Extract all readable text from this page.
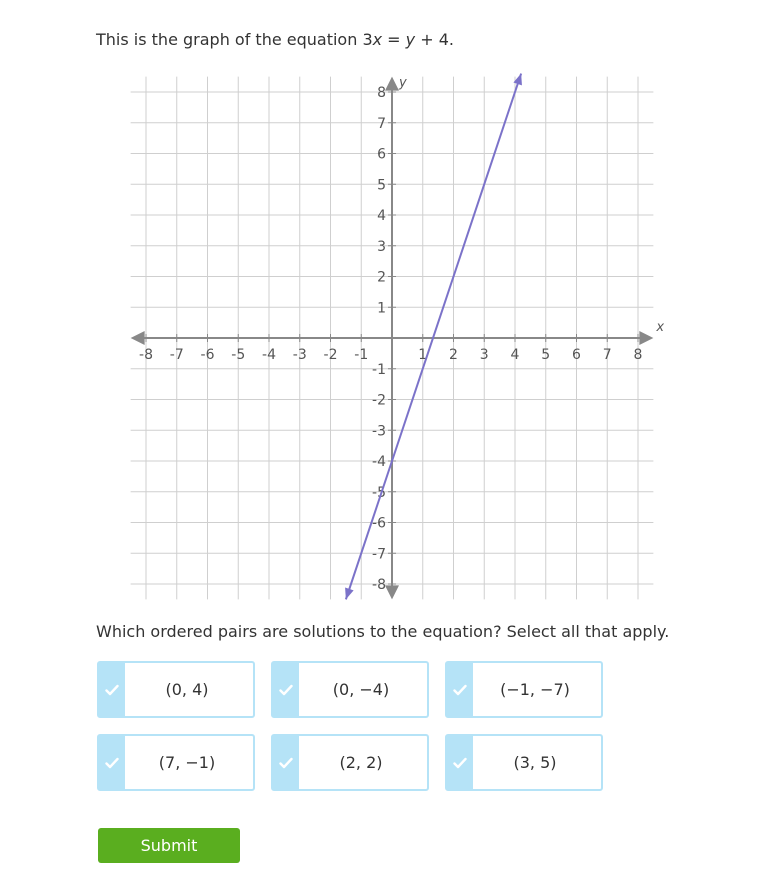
This is the graph of the equation 3x = y + 4.
-8 -7 -6 -5 -4 -3 -2 -1	1 2 3 4 5 6 7 8
-8
-7
-6
-5
-4
-3
-2
-1
1
2
3
4
5
6
7
8
x
y
Which ordered pairs are solutions to the equation? Select all that apply.
(0, 4)	(0, −4)	(−1, −7)
(7, −1)	(2, 2)	(3, 5)
Submit
